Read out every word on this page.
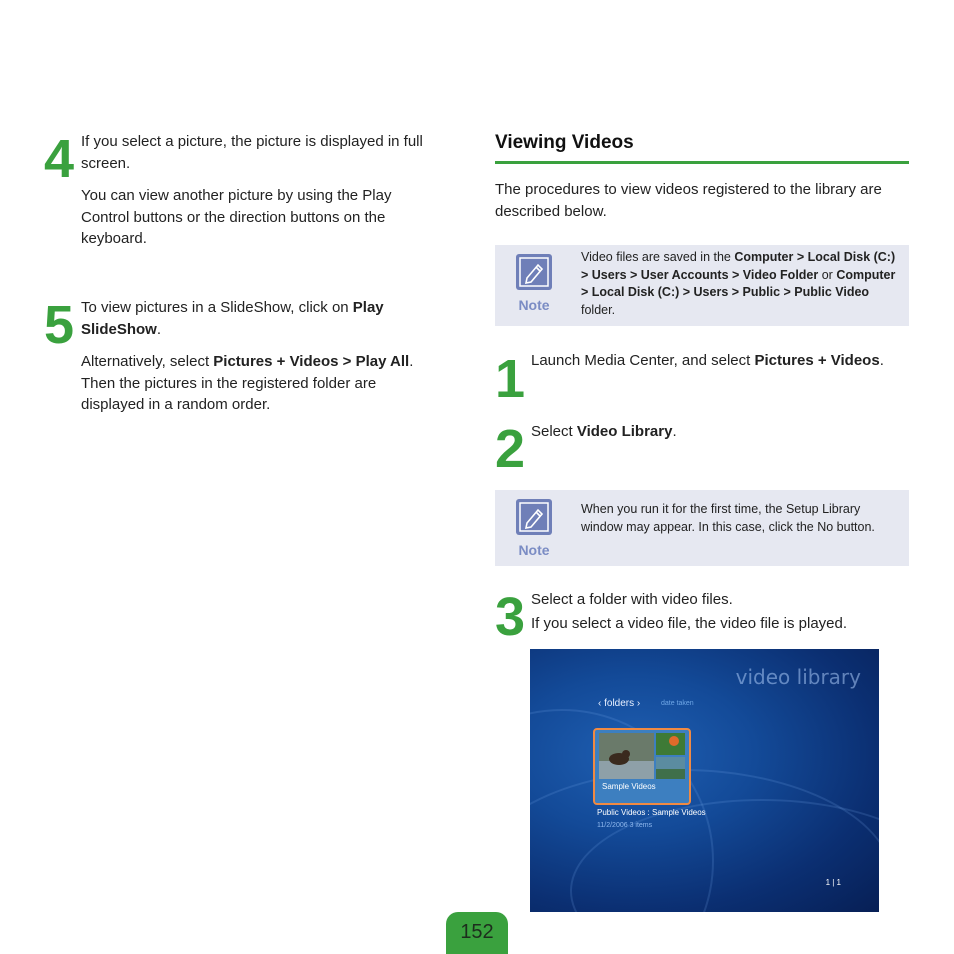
4 If you select a picture, the picture is displayed in full screen.
You can view another picture by using the Play Control buttons or the direction buttons on the keyboard.
5 To view pictures in a SlideShow, click on Play SlideShow.
Alternatively, select Pictures + Videos > Play All. Then the pictures in the registered folder are displayed in a random order.
Viewing Videos
The procedures to view videos registered to the library are described below.
Note
Video files are saved in the Computer > Local Disk (C:) > Users > User Accounts > Video Folder or Computer > Local Disk (C:) > Users > Public > Public Video folder.
1 Launch Media Center, and select Pictures + Videos.
2 Select Video Library.
Note
When you run it for the first time, the Setup Library window may appear. In this case, click the No button.
3 Select a folder with video files.
If you select a video file, the video file is played.
video library
‹ folders ›	date taken
Sample Videos
Public Videos : Sample Videos
11/2/2006 3 items
1 | 1
152
